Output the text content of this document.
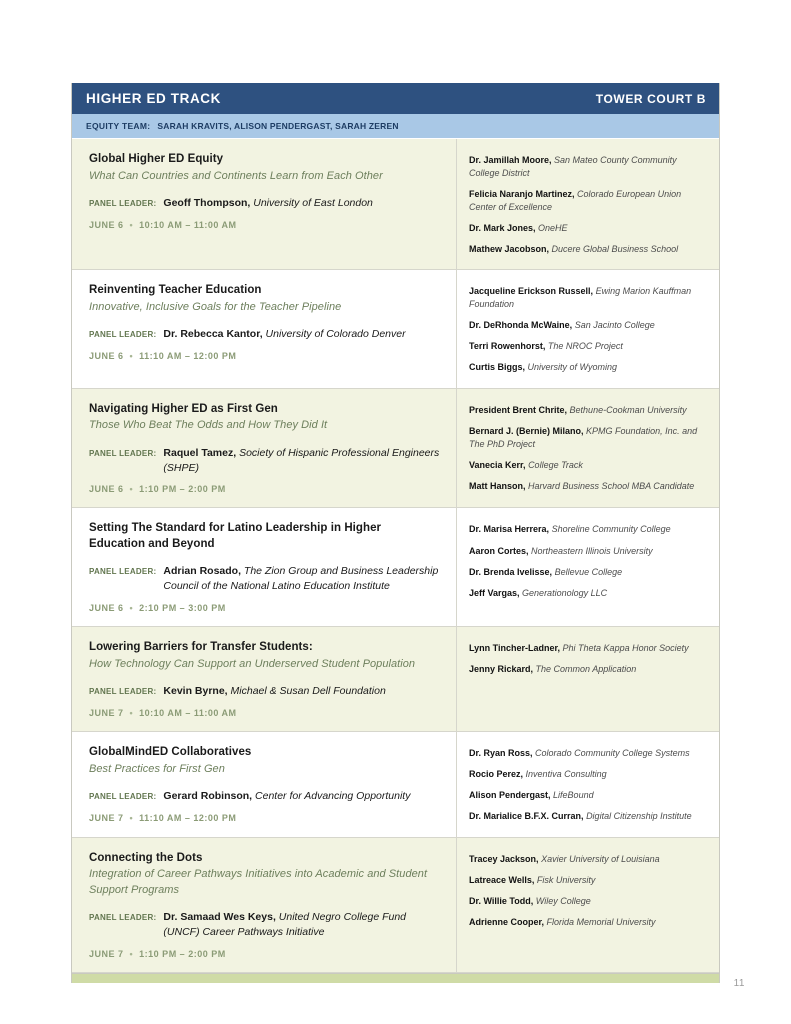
HIGHER ED TRACK	TOWER COURT B
EQUITY TEAM: SARAH KRAVITS, ALISON PENDERGAST, SARAH ZEREN
Global Higher ED Equity
What Can Countries and Continents Learn from Each Other
PANEL LEADER: Geoff Thompson, University of East London
JUNE 6 • 10:10 AM – 11:00 AM
Dr. Jamillah Moore, San Mateo County Community College District
Felicia Naranjo Martinez, Colorado European Union Center of Excellence
Dr. Mark Jones, OneHE
Mathew Jacobson, Ducere Global Business School
Reinventing Teacher Education
Innovative, Inclusive Goals for the Teacher Pipeline
PANEL LEADER: Dr. Rebecca Kantor, University of Colorado Denver
JUNE 6 • 11:10 AM – 12:00 PM
Jacqueline Erickson Russell, Ewing Marion Kauffman Foundation
Dr. DeRhonda McWaine, San Jacinto College
Terri Rowenhorst, The NROC Project
Curtis Biggs, University of Wyoming
Navigating Higher ED as First Gen
Those Who Beat The Odds and How They Did It
PANEL LEADER: Raquel Tamez, Society of Hispanic Professional Engineers (SHPE)
JUNE 6 • 1:10 PM – 2:00 PM
President Brent Chrite, Bethune-Cookman University
Bernard J. (Bernie) Milano, KPMG Foundation, Inc. and The PhD Project
Vanecia Kerr, College Track
Matt Hanson, Harvard Business School MBA Candidate
Setting The Standard for Latino Leadership in Higher Education and Beyond
PANEL LEADER: Adrian Rosado, The Zion Group and Business Leadership Council of the National Latino Education Institute
JUNE 6 • 2:10 PM – 3:00 PM
Dr. Marisa Herrera, Shoreline Community College
Aaron Cortes, Northeastern Illinois University
Dr. Brenda Ivelisse, Bellevue College
Jeff Vargas, Generationology LLC
Lowering Barriers for Transfer Students:
How Technology Can Support an Underserved Student Population
PANEL LEADER: Kevin Byrne, Michael & Susan Dell Foundation
JUNE 7 • 10:10 AM – 11:00 AM
Lynn Tincher-Ladner, Phi Theta Kappa Honor Society
Jenny Rickard, The Common Application
GlobalMindED Collaboratives
Best Practices for First Gen
PANEL LEADER: Gerard Robinson, Center for Advancing Opportunity
JUNE 7 • 11:10 AM – 12:00 PM
Dr. Ryan Ross, Colorado Community College Systems
Rocio Perez, Inventiva Consulting
Alison Pendergast, LifeBound
Dr. Marialice B.F.X. Curran, Digital Citizenship Institute
Connecting the Dots
Integration of Career Pathways Initiatives into Academic and Student Support Programs
PANEL LEADER: Dr. Samaad Wes Keys, United Negro College Fund (UNCF) Career Pathways Initiative
JUNE 7 • 1:10 PM – 2:00 PM
Tracey Jackson, Xavier University of Louisiana
Latreace Wells, Fisk University
Dr. Willie Todd, Wiley College
Adrienne Cooper, Florida Memorial University
11
